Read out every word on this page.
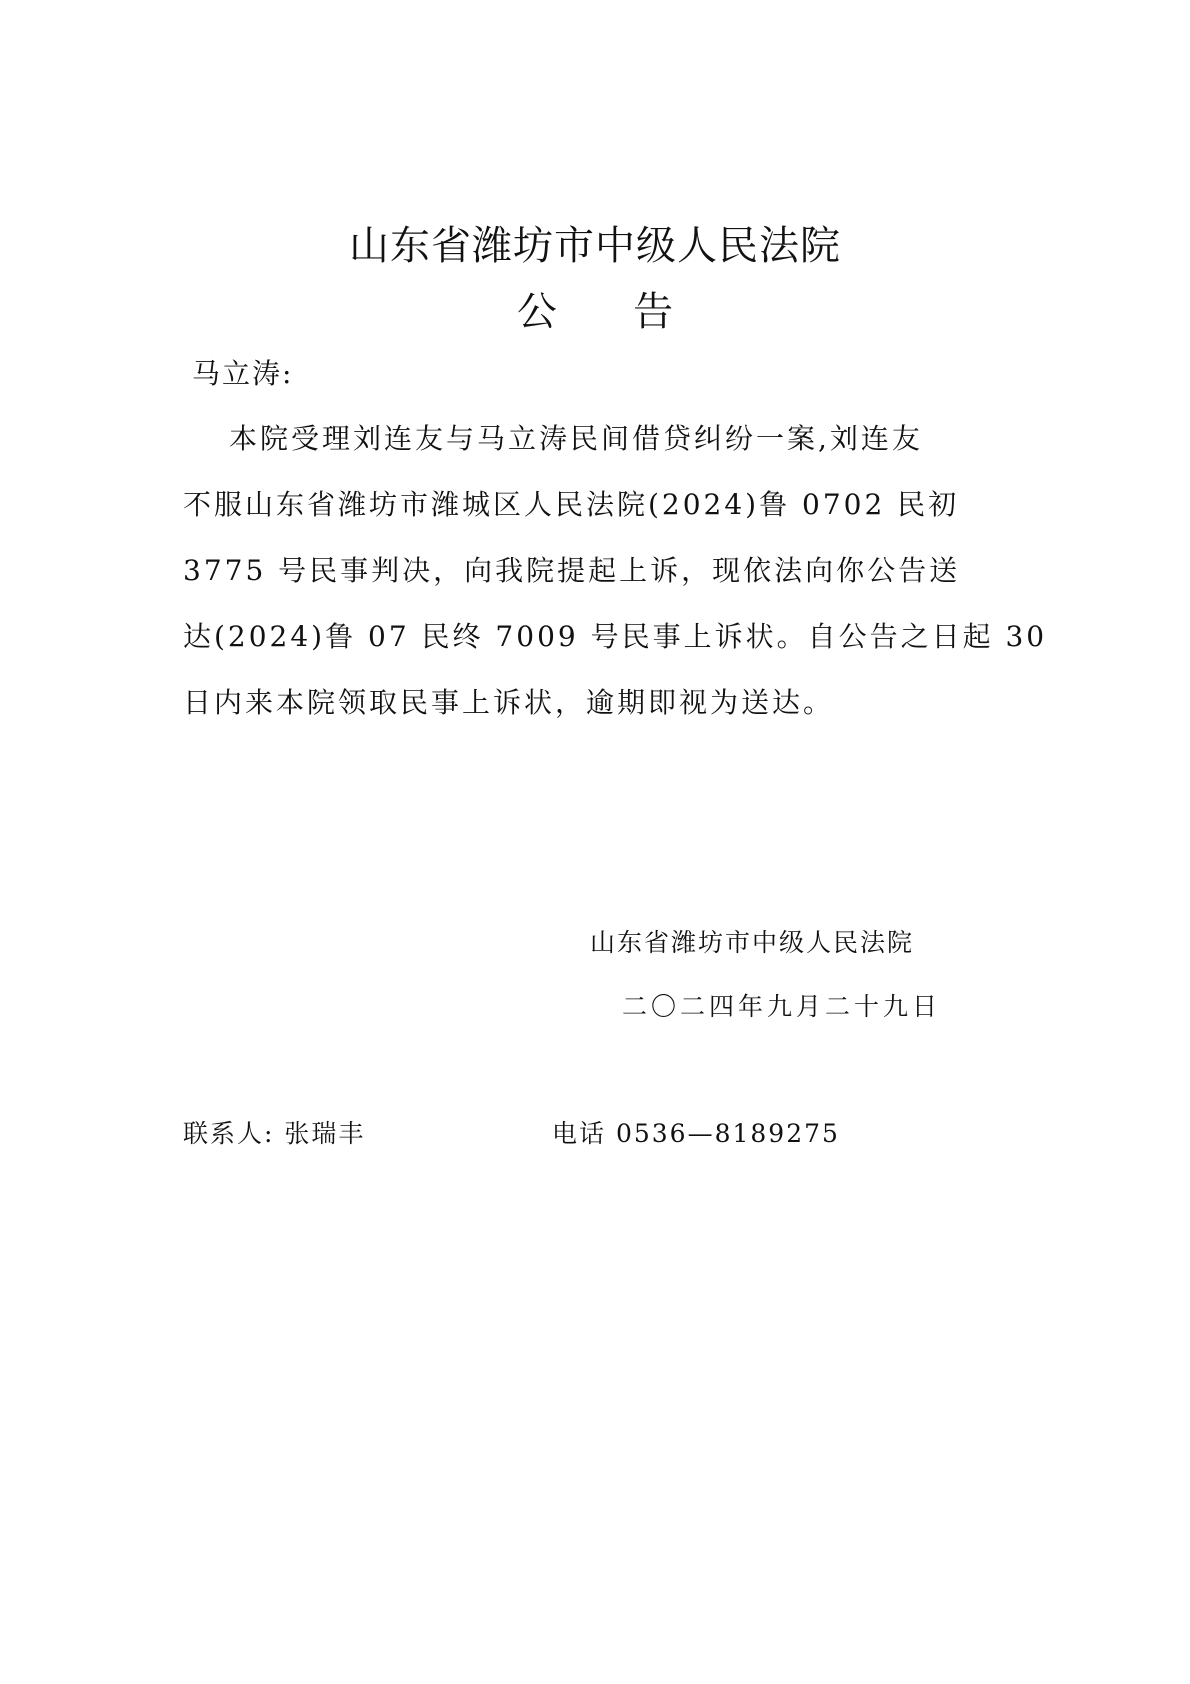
山东省潍坊市中级人民法院
公      告
马立涛:
本院受理刘连友与马立涛民间借贷纠纷一案,刘连友
不服山东省潍坊市潍城区人民法院(2024)鲁 0702 民初
3775 号民事判决，向我院提起上诉，现依法向你公告送
达(2024)鲁 07 民终 7009 号民事上诉状。自公告之日起 30
日内来本院领取民事上诉状，逾期即视为送达。
山东省潍坊市中级人民法院
二〇二四年九月二十九日
联系人: 张瑞丰	电话 0536—8189275
